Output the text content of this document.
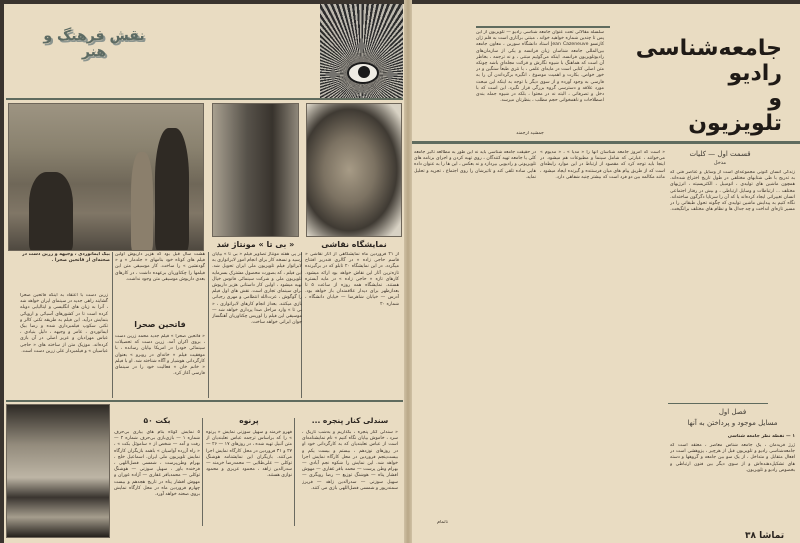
نقش فرهنگ و هنر
نمایشگاه نقاشی
« بی تا » مونتاژ شد
از ۲۱ فروردین ماه نمایشگاهی از آثار نقاشی « قاسم حاجی زاده » در گالری قندریز افتتاح میگردد. در این نمایشگاه ۲۰ تابلو که در برگیرنده تازه‌ترین آثار این نقاش خواهد بود ارائه میشود. کارهای تازه « حاجی زاده » در مایه آبستره هستند. نمایشگاه همه روزه از ساعت ۵ تا بعدازظهر برای دیدار علاقمندان باز خواهد بود. آدرس — خیابان شاهرضا — خیابان دانشگاه ، شماره ۲۰
در پی هفته مونتاژ تصاویر فیلم « بی تا » بپایان رسید و نسخه کار برای انجام امور لابراتواری به لابراتوار فیلم تلویزیون ملی ایران تحویل شد. این فیلم ، که بصورت محصول مشترک بسرمایه تلویزیون ملی و شرکت سینمائی فانوس خیال تهیه میشود ، اولین کار داستانی هژیر داریوش برای سینمای تجاری است. نقش های اول فیلم را گوگوش ، عزت‌الله انتظامی و مهری رجبانی بازی میکنند. بعداز انجام کارهای لابراتواری ، « بی تا » وارد مراحل صدا پرداری خواهد شد — موسیقی این فیلم را لوریس چکناوریان آهنگساز جوان ایرانی خواهد ساخت.
هشت سال قبل بود که هژیر داریوش اولین فیلم های کوتاه خود بنامهای « جلدمار » و « گودنشین » را ساخت. کار موسیقی متن این فیلمها را چکناوریان برعهده داشت ، در کارهای بعدی داریوش موسیقی متن وجود نداشت.
بیک ایمانوردی ، وجیهه و زرین دست در صحنه‌ای از فاتحین صحرا .
فاتحین صحرا
« فاتحین صحرا » فیلم جدید محمد زرین دست ، بروی اکران آمد. زرین دست که تحصیلات سینمائی خودرا در امریکا بپایان رسانده ، با موفقیت فیلم « خانه‌ای در روبرو » بعنوان کارگردانی هوشیار و آگاه شناخته شد. او با فیلم « خانم خان » فعالیت خود را در سینمای فارسی آغاز کرد.
زرین دست با اعتقاد به اینکه فاتحین صحرا گشایند راهی جدید در سینمای ایران خواهد شد ، آنرا به زبان های انگلیسی و ایتالیایی دوبله کرده است تا در کشورهای آسیائی و اروپائی بنمایش درآید. این فیلم به طریقه تکنی کالر و تکنی سکوپ فیلمبرداری شده و رضا بیک ایمانوردی ، عامر و وجیهه ، دلیل بنیادی ، عباس مهرادیان و عزیز اصلی در آن بازی کرده‌اند. موزیک متن از ساخته های « حاجی عباسیان » و فیلمبردار علی زرین دست است.
سندلی کنار پنجره ...
« سندلی کنار پنجره ، بگذاریم و به‌شب تاریک ، سرد ، خاموش بپایان نگاه کنیم » نام نمایشنامه‌ای است از عباس نعلبندیان که به کارگردانی خود او در روزهای نوزدهم ، بیستم و بیست یکم و بیست‌پنجم فروردین در محل کارگاه نمایش اجرا خواهد شد. این نمایش را شکوه نجم آبادی — بهرام وطن پرست — محمد باقر غفاری — مهوش افشار پناه — هوشنگ توزیع — رضا رویگری — سهیل سوزنی — سدرالدین زاهد — فریرز سمندرپور و شمسی فضل‌اللهی بازی می کنند.
پرنوه
فهرو خرمند و سهیل سوزنی نمایش « پرنوه » را که براساس ترجمه عباس نعلبندیان از متن آتبیل تهیه شده ، در روزهای ۱۷ — ۲۶ — ۲۷ و ۳۱ فروردین در محل کارگاه نمایش اجرا می‌کنند. بازیگران این نمایشنامه هوشنگ توکلی — علی‌طلایی — محمدرضا خرمند — سدرالدین زاهد ، محمود عزیزی و محمود نوازی هستند.
بکت ۵۰
۵ نمایش کوتاه بنام های بیاری بی‌حرف شماره ۱ — بازی‌بازی بی‌حرف شماره ۲ — رفت و آمد — شخص از « ساموئل بکت » ، « راه آزرده آواسیان » باهمد بازیگران کارگاه نمایش تلویزیون ملی ایران. اسماعیل خلج ، بهرام وطن‌پرست ، شمسی فضل‌اللهی ، فرخنده باور ، سهیل سوزنی — هوشنگ توکلی — محمدباقر غفاری — آزاده غوران و مهوش افشار پناه در تاریخ هجدهم و بیست چهارم فروردین ماه در محل کارگاه نمایش بروی صحنه خواهد آورد.
سلسله مقالاتی تحت عنوان جامعه شناسی رادیو — تلویزیون از این پس تا چندین شماره خواهید خواند ، مبتنی برآثاری است به قلم ژان کازنسو Jean Cazeneuve استاد دانشگاه سوربن ، معاون جامعه بین‌المللی جامعه شناسان زبان فرانسه و یکی از سازمان‌های رادیوتلویزیون فرانسه. اینکه می‌گوئیم مبتنی ، و نه ترجمه ، بخاطر آن است که هماهنگ با شیوه نگارش و قرائت مجله‌ای باشد چونکه متن اصلی کتابی است در مایه‌ای علمی ، با نثری طبعاً سنگین و در خور خواص. بکارت و اهمیت موضوع ، انگیزه برگرداندن آن را به فارسی به وجود آورده و از سوی دیگر با توجه به اینکه این مبحث مورد علاقه و دسترسی گروه بزرگی قرار نگیرد. این است که با دخل و تصرفاتی ، البته نه در محتوا ، بلکه در شیوه جمله بندی اصطلاحات و ناهمخوانی حجم مطلب ، بنظرتان میرسد.
جمشید ارجمند
جامعه‌شناسی
رادیو
و
تلویزیون
قسمت اول — کلیات
مدخل
زندگی انسان کنونی مجموعه‌ای است از وسایل و عناصر فنی که به تدریج با طی شتابهای مختلفی در طول تاریخ اختراع شده‌اند. همچون ماشین های تولیدی ، اتومبیل ، الکتریسیته ، انرژیهای مختلف ... ارتباطات و وسایل ارتباطی ، و بیش در رفتار اجتماعی انسان تغییراتی ایجاد کرده‌اند یا که آن را سرتاپا دگرگون ساخته‌اند. نگاه کنیم به پیدایش ماشین تولیدی که چگونه تحول طبقاتی را در مسیر تازه‌ای انداخت و چه جدال ها و نظام های مختلف برانگیخت.
« است که امروز جامعه شناسان آنها را « مدیا » ، « مدیوم » می‌خوانند ، عبارتی که شامل سینما و مطبوعات هم میشود. در اینجا باید توجه کرد که مقصود از ارتباط در این موارد رابطه‌ای است که از طریق پیام های میان فرستنده و گیرنده ایجاد میشود ، مانند مکالمه بین دو فرد است که بیشتر چنبه شفاهی دارد.
در حقیقت جامعه شناسی باید نه این طور به مطالعه تاثیر جامعه کلی یا جامعه تهیه کنندگان ، روی تهیه کردن و اجرای برنامه های تلویزیونی و رادیویی بپردازد و نه بعکس ، این ها را به عنوان داده هایی ساده تلقی کند و تاثیرشان را روی اجتماع ، تجزیه و تحلیل نماید.
فصل اول
مسایل موجود و پرداختن به آنها
۱ — نقطه نظر جامعه شناسی
ژرژ فریدمان ، یک جامعه شناس معاصر ، معتقد است که جامعه‌شناسی رادیو و تلویزیون قبل از هرچیز ، پژوهشی است در افعال متقابل و متداخل ، از یک سو بین جامعه و گروهها و دسته های تشکیل‌دهنده‌اش و از سوی دیگر بین فنون ارتباطی و بخصوص رادیو و تلویزیون.
ناتمام
تماشا ۳۸
